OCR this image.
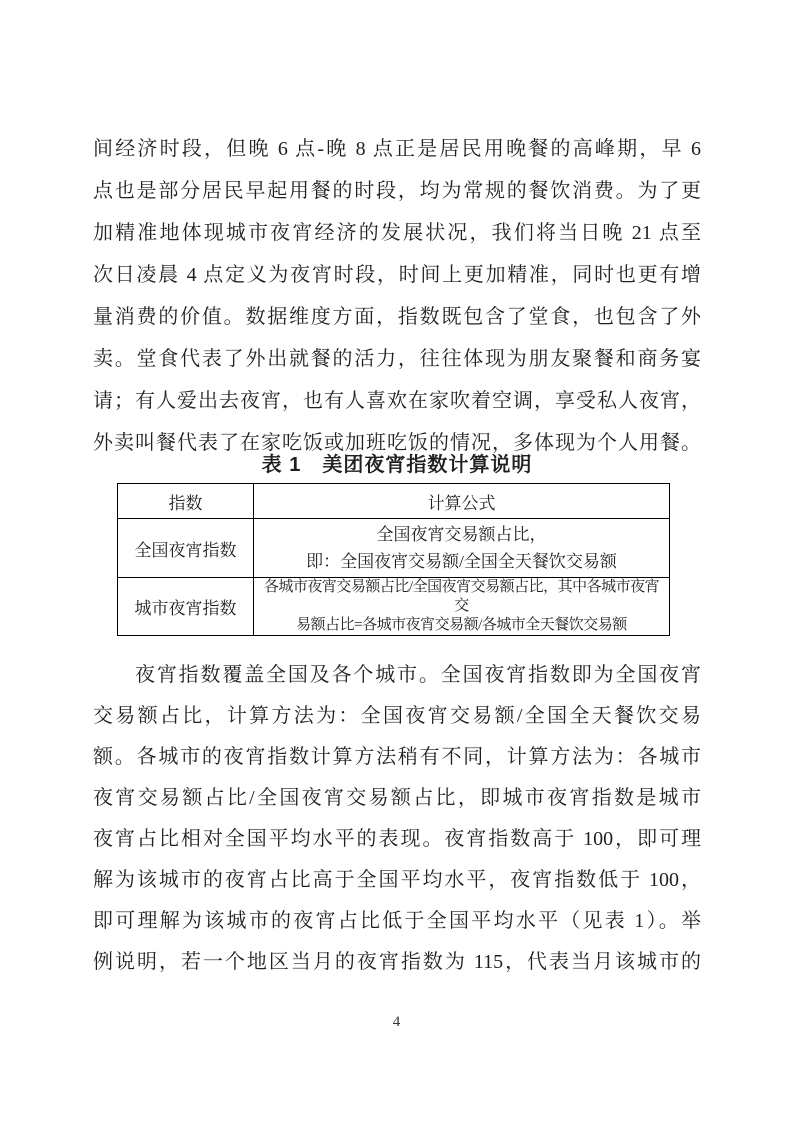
间经济时段，但晚 6 点-晚 8 点正是居民用晚餐的高峰期，早 6
点也是部分居民早起用餐的时段，均为常规的餐饮消费。为了更
加精准地体现城市夜宵经济的发展状况，我们将当日晚 21 点至
次日凌晨 4 点定义为夜宵时段，时间上更加精准，同时也更有增
量消费的价值。数据维度方面，指数既包含了堂食，也包含了外
卖。堂食代表了外出就餐的活力，往往体现为朋友聚餐和商务宴
请；有人爱出去夜宵，也有人喜欢在家吹着空调，享受私人夜宵，
外卖叫餐代表了在家吃饭或加班吃饭的情况，多体现为个人用餐。
表 1　美团夜宵指数计算说明
指数	计算公式
全国夜宵指数	全国夜宵交易额占比，
即：全国夜宵交易额/全国全天餐饮交易额

城市夜宵指数	各城市夜宵交易额占比/全国夜宵交易额占比，其中各城市夜宵交
易额占比=各城市夜宵交易额/各城市全天餐饮交易额
夜宵指数覆盖全国及各个城市。全国夜宵指数即为全国夜宵
交易额占比，计算方法为：全国夜宵交易额/全国全天餐饮交易
额。各城市的夜宵指数计算方法稍有不同，计算方法为：各城市
夜宵交易额占比/全国夜宵交易额占比，即城市夜宵指数是城市
夜宵占比相对全国平均水平的表现。夜宵指数高于 100，即可理
解为该城市的夜宵占比高于全国平均水平，夜宵指数低于 100，
即可理解为该城市的夜宵占比低于全国平均水平（见表 1）。举
例说明，若一个地区当月的夜宵指数为 115，代表当月该城市的
4
